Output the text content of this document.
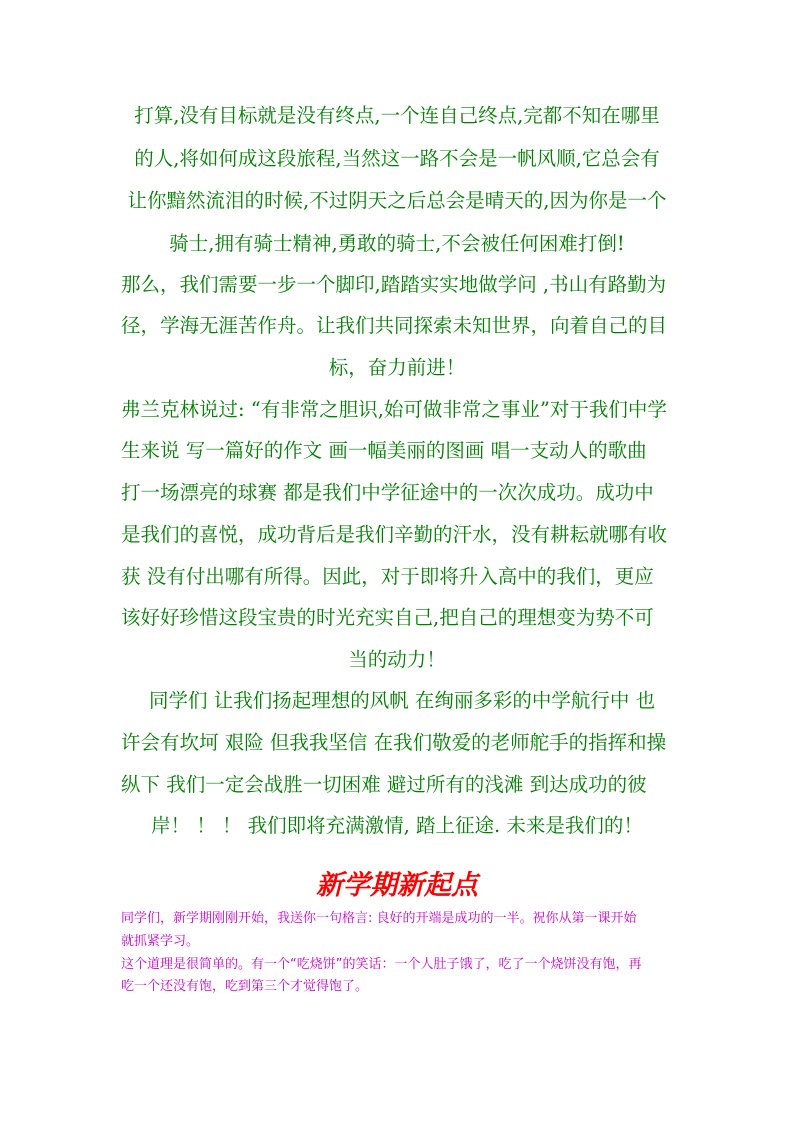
打算,没有目标就是没有终点,一个连自己终点,完都不知在哪里
的人,将如何成这段旅程,当然这一路不会是一帆风顺,它总会有
让你黯然流泪的时候,不过阴天之后总会是晴天的,因为你是一个
骑士,拥有骑士精神,勇敢的骑士,不会被任何困难打倒!
那么，我们需要一步一个脚印,踏踏实实地做学问 ,书山有路勤为
径，学海无涯苦作舟。让我们共同探索未知世界，向着自己的目
标，奋力前进！
弗兰克林说过: “有非常之胆识,始可做非常之事业”对于我们中学
生来说 写一篇好的作文 画一幅美丽的图画 唱一支动人的歌曲
打一场漂亮的球赛 都是我们中学征途中的一次次成功。成功中
是我们的喜悦，成功背后是我们辛勤的汗水，没有耕耘就哪有收
获 没有付出哪有所得。因此，对于即将升入高中的我们，更应
该好好珍惜这段宝贵的时光充实自己,把自己的理想变为势不可
当的动力！
同学们 让我们扬起理想的风帆 在绚丽多彩的中学航行中 也
许会有坎坷 艰险 但我我坚信 在我们敬爱的老师舵手的指挥和操
纵下 我们一定会战胜一切困难 避过所有的浅滩 到达成功的彼
岸！ ！ ！ 我们即将充满激情, 踏上征途. 未来是我们的！
新学期新起点
同学们，新学期刚刚开始，我送你一句格言: 良好的开端是成功的一半。祝你从第一课开始
就抓紧学习。
这个道理是很简单的。有一个“吃烧饼”的笑话：一个人肚子饿了，吃了一个烧饼没有饱，再
吃一个还没有饱，吃到第三个才觉得饱了。
